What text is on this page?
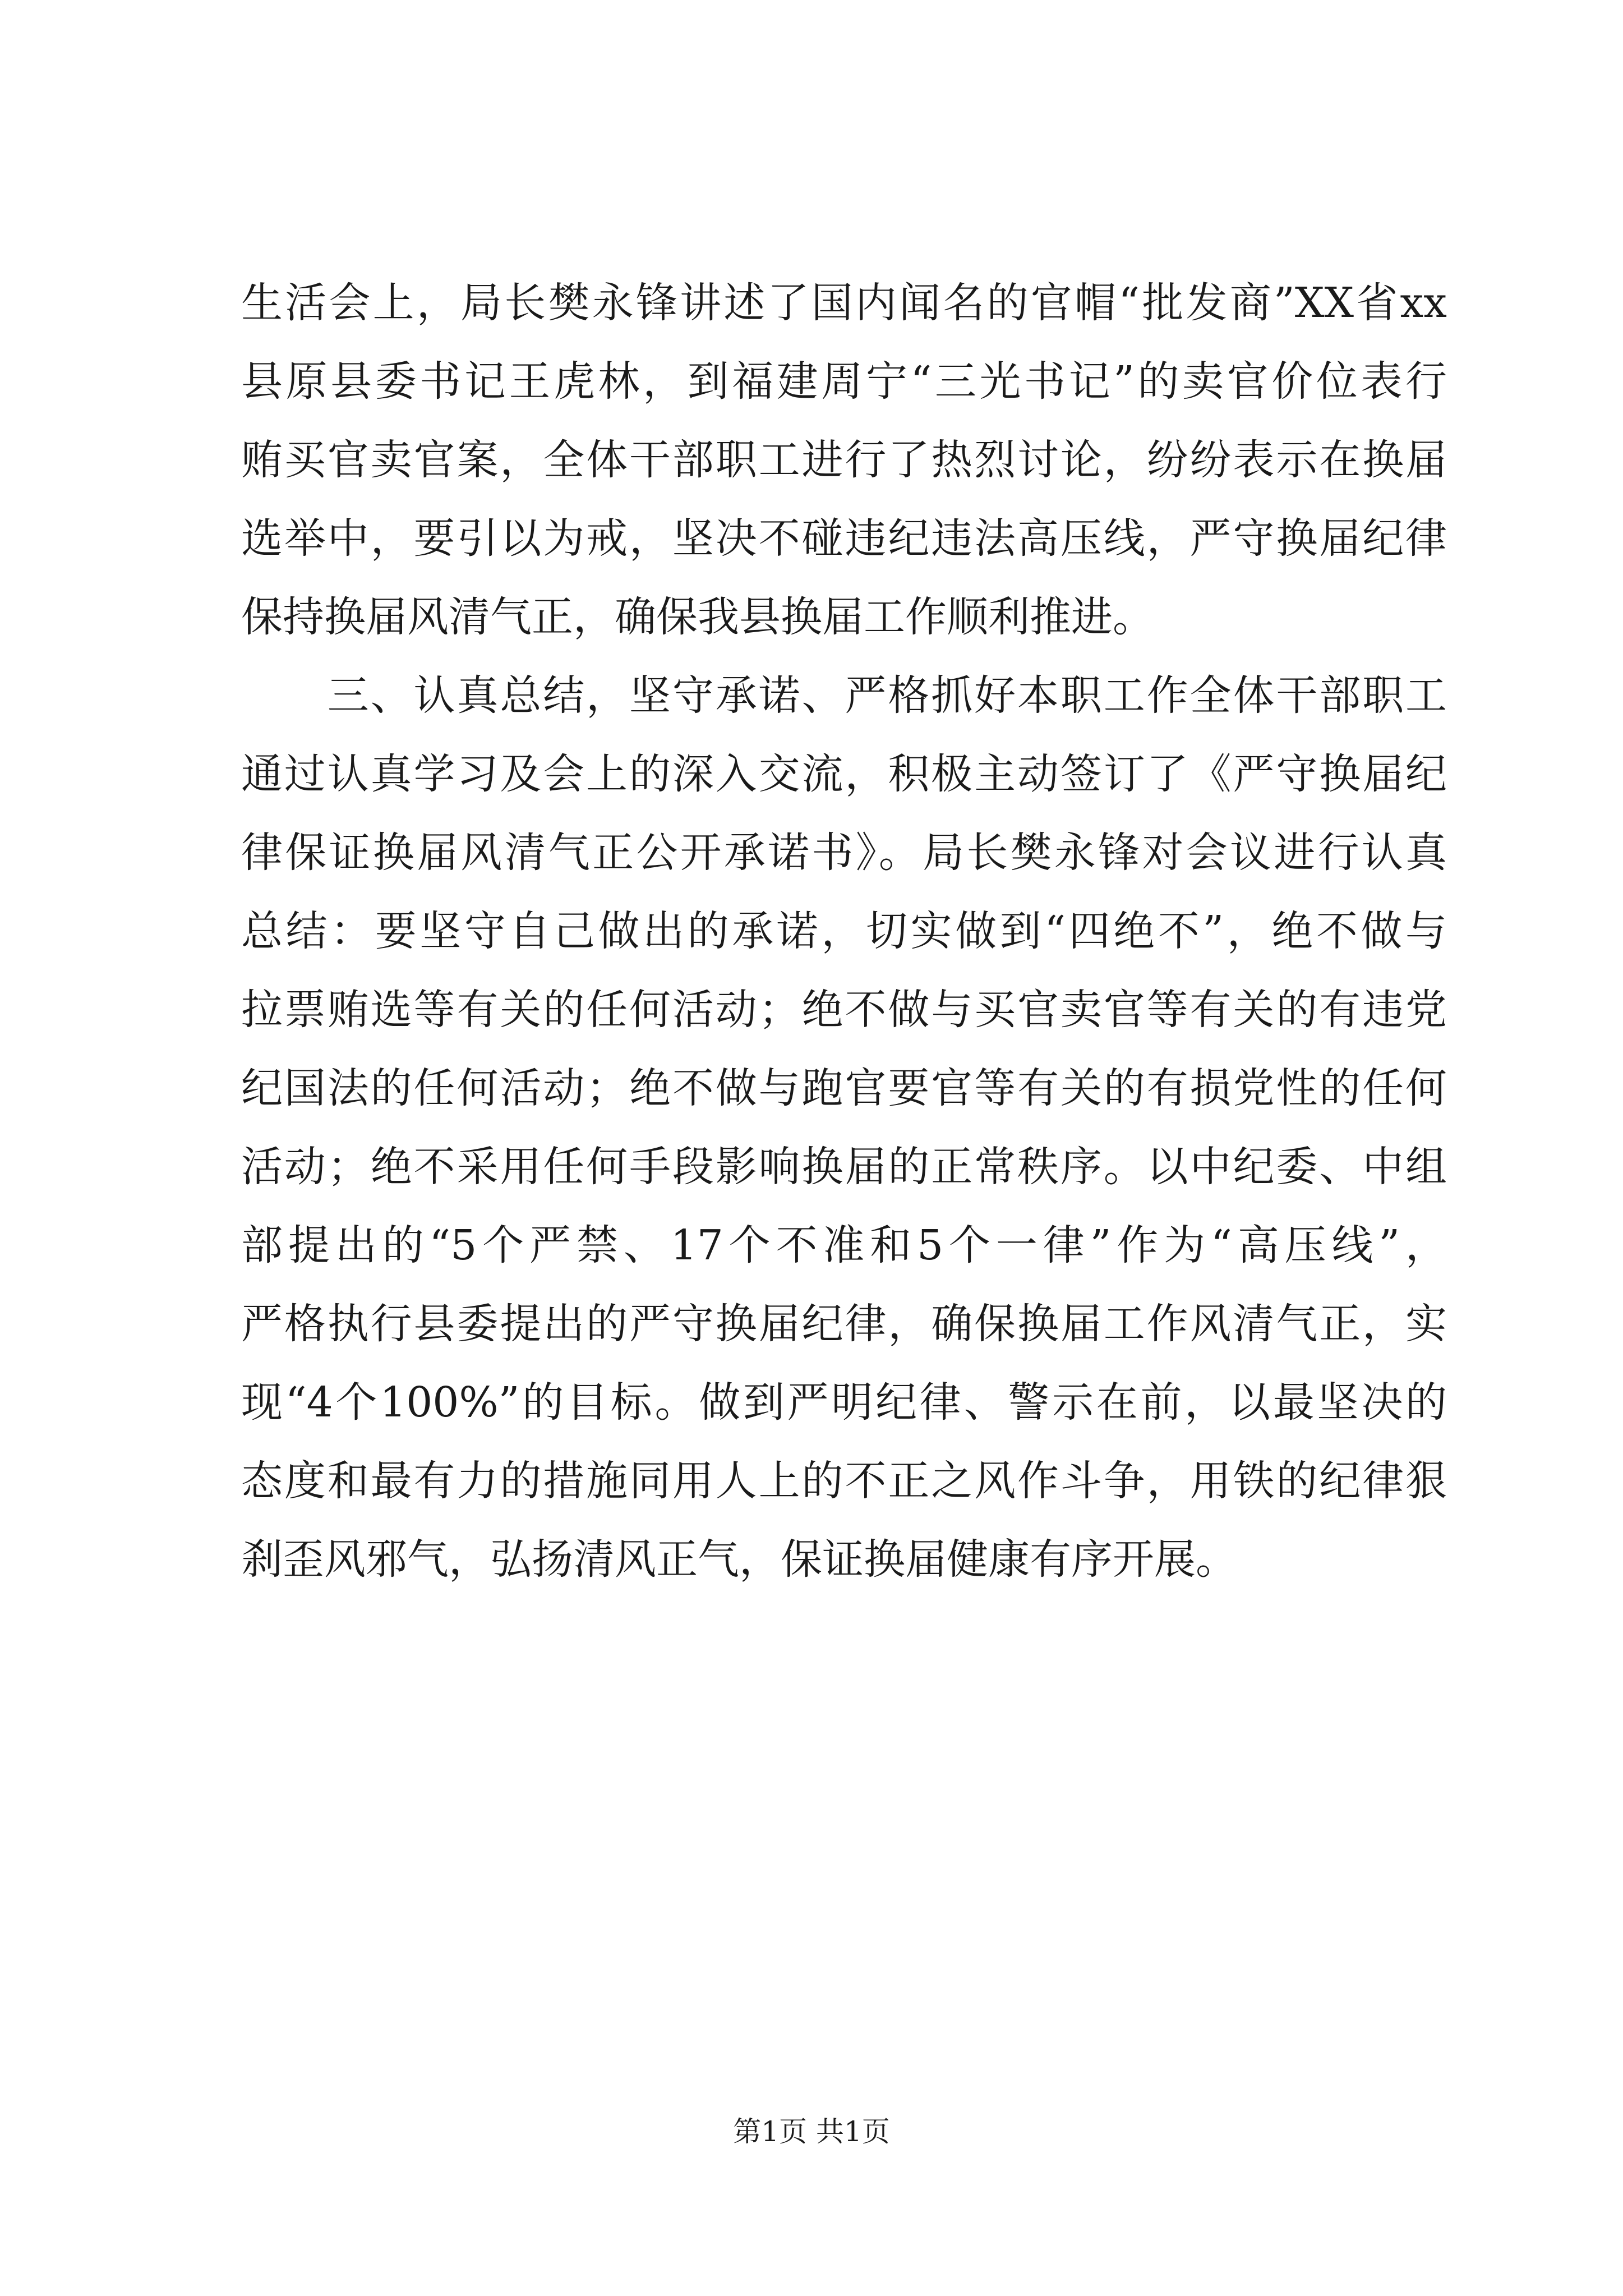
生活会上，局长樊永锋讲述了国内闻名的官帽“批发商”XX省xx
县原县委书记王虎林，到福建周宁“三光书记”的卖官价位表行
贿买官卖官案，全体干部职工进行了热烈讨论，纷纷表示在换届
选举中，要引以为戒，坚决不碰违纪违法高压线，严守换届纪律
保持换届风清气正，确保我县换届工作顺利推进。
　　三、认真总结，坚守承诺、严格抓好本职工作全体干部职工
通过认真学习及会上的深入交流，积极主动签订了《严守换届纪
律保证换届风清气正公开承诺书》。局长樊永锋对会议进行认真
总结：要坚守自己做出的承诺，切实做到“四绝不”，绝不做与
拉票贿选等有关的任何活动；绝不做与买官卖官等有关的有违党
纪国法的任何活动；绝不做与跑官要官等有关的有损党性的任何
活动；绝不采用任何手段影响换届的正常秩序。以中纪委、中组
部提出的“5个严禁、17个不准和5个一律”作为“高压线”，
严格执行县委提出的严守换届纪律，确保换届工作风清气正，实
现“4个100%”的目标。做到严明纪律、警示在前，以最坚决的
态度和最有力的措施同用人上的不正之风作斗争，用铁的纪律狠
刹歪风邪气，弘扬清风正气，保证换届健康有序开展。
第1页 共1页
